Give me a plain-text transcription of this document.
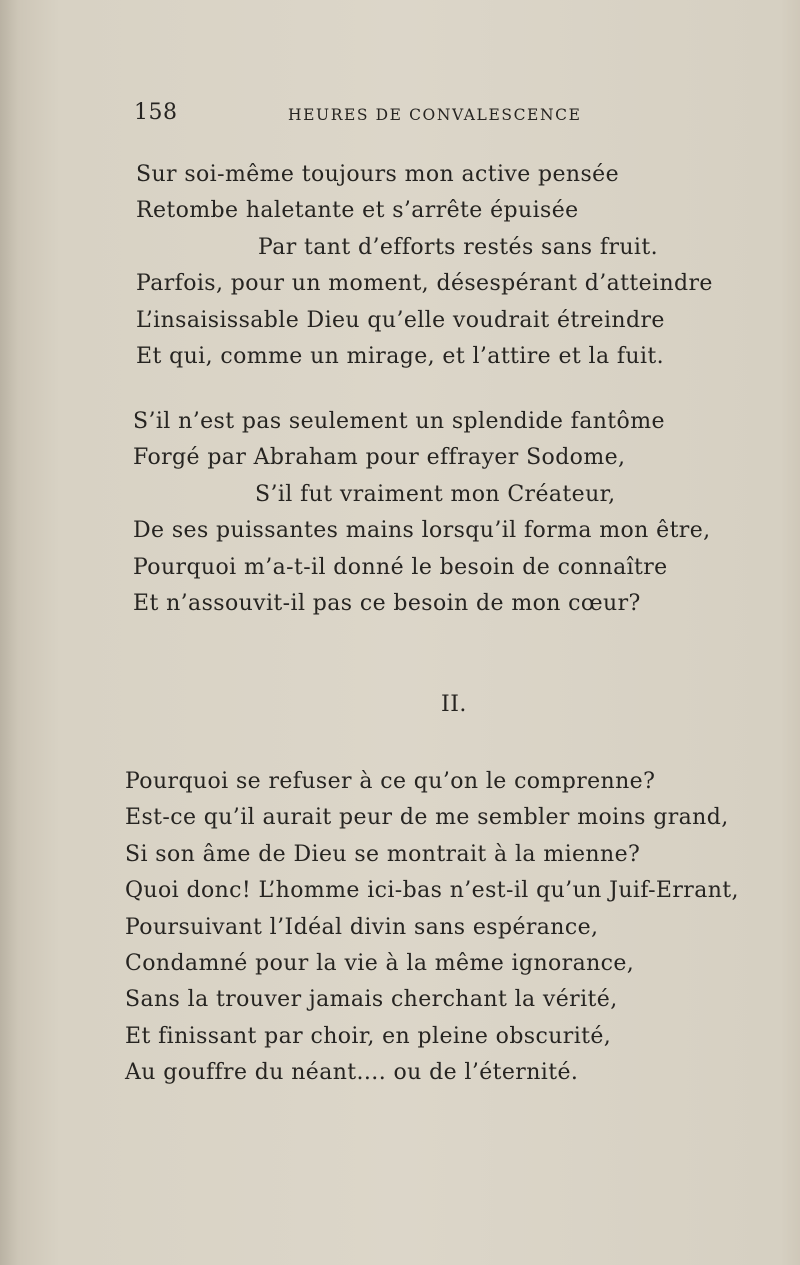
158	HEURES DE CONVALESCENCE
Sur soi-même toujours mon active pensée
Retombe haletante et s’arrête épuisée
Par tant d’efforts restés sans fruit.
Parfois, pour un moment, désespérant d’atteindre
L’insaisissable Dieu qu’elle voudrait étreindre
Et qui, comme un mirage, et l’attire et la fuit.
S’il n’est pas seulement un splendide fantôme
Forgé par Abraham pour effrayer Sodome,
S’il fut vraiment mon Créateur,
De ses puissantes mains lorsqu’il forma mon être,
Pourquoi m’a-t-il donné le besoin de connaître
Et n’assouvit-il pas ce besoin de mon cœur?
II.
Pourquoi se refuser à ce qu’on le comprenne?
Est-ce qu’il aurait peur de me sembler moins grand,
Si son âme de Dieu se montrait à la mienne?
Quoi donc! L’homme ici-bas n’est-il qu’un Juif-Errant,
Poursuivant l’Idéal divin sans espérance,
Condamné pour la vie à la même ignorance,
Sans la trouver jamais cherchant la vérité,
Et finissant par choir, en pleine obscurité,
Au gouffre du néant.... ou de l’éternité.
